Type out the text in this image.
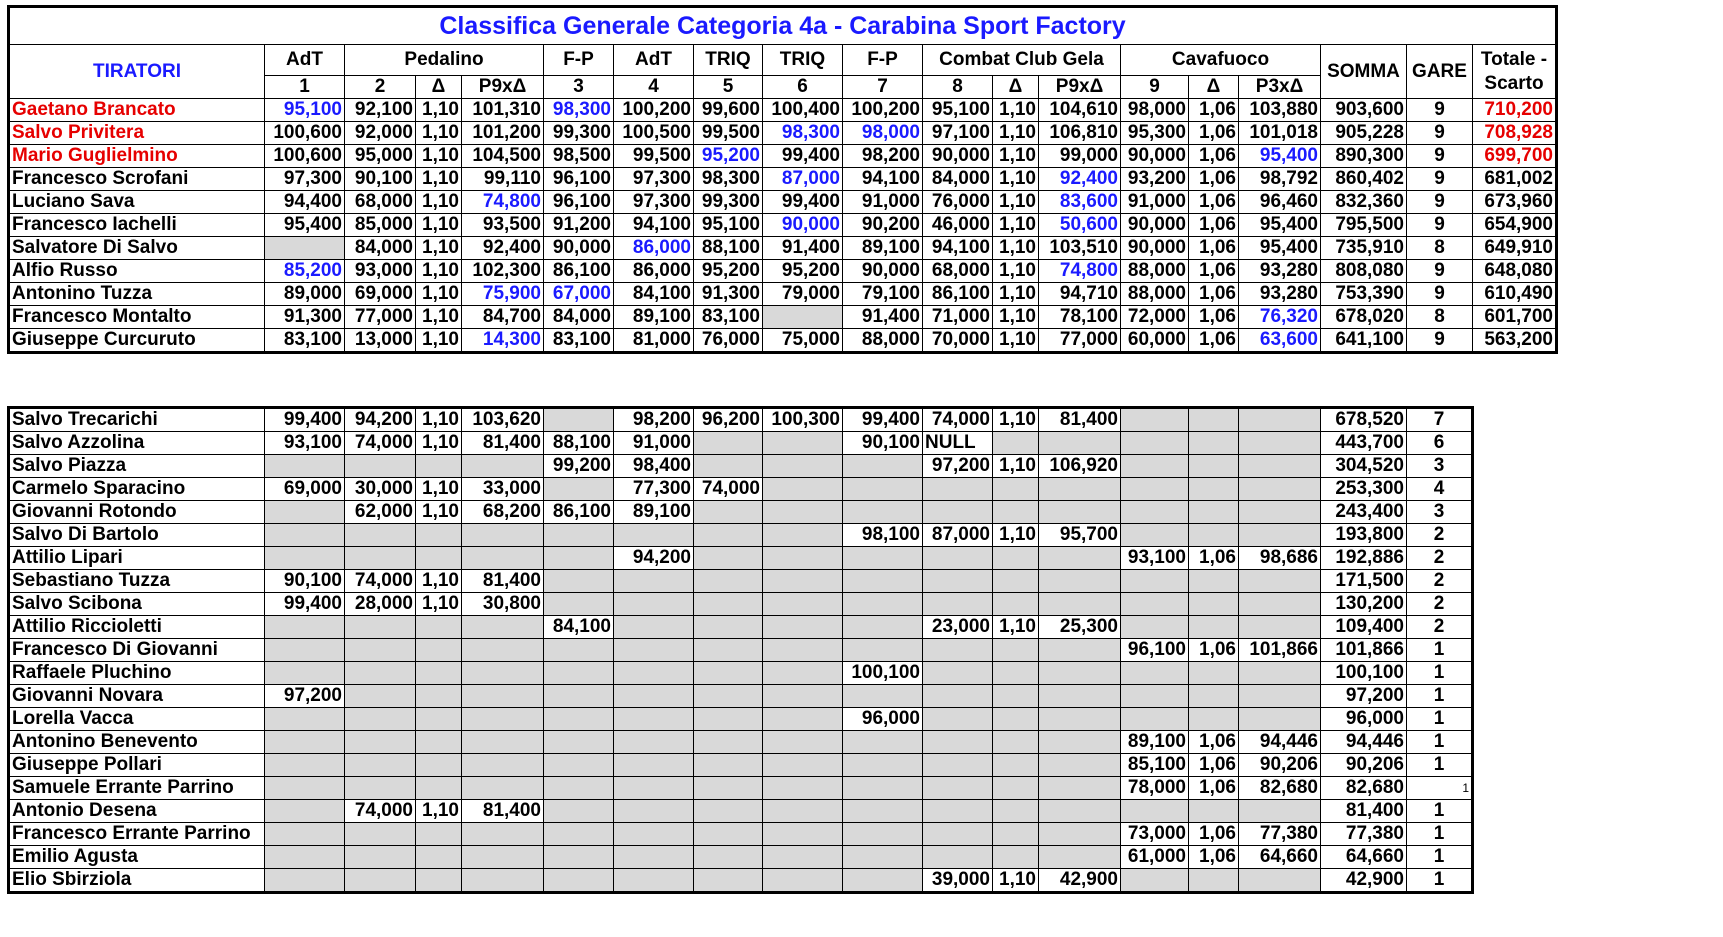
Classifica Generale Categoria 4a - Carabina Sport Factory																		
TIRATORI	AdT	Pedalino			F-P	AdT	TRIQ	TRIQ	F-P	Combat Club Gela			Cavafuoco			SOMMA	GARE	Totale -
Scarto
	1	2	Δ	P9xΔ	3	4	5	6	7	8	Δ	P9xΔ	9	Δ	P3xΔ			
Gaetano Brancato	95,100	92,100	1,10	101,310	98,300	100,200	99,600	100,400	100,200	95,100	1,10	104,610	98,000	1,06	103,880	903,600	9	710,200
Salvo Privitera	100,600	92,000	1,10	101,200	99,300	100,500	99,500	98,300	98,000	97,100	1,10	106,810	95,300	1,06	101,018	905,228	9	708,928
Mario Guglielmino	100,600	95,000	1,10	104,500	98,500	99,500	95,200	99,400	98,200	90,000	1,10	99,000	90,000	1,06	95,400	890,300	9	699,700
Francesco Scrofani	97,300	90,100	1,10	99,110	96,100	97,300	98,300	87,000	94,100	84,000	1,10	92,400	93,200	1,06	98,792	860,402	9	681,002
Luciano Sava	94,400	68,000	1,10	74,800	96,100	97,300	99,300	99,400	91,000	76,000	1,10	83,600	91,000	1,06	96,460	832,360	9	673,960
Francesco Iachelli	95,400	85,000	1,10	93,500	91,200	94,100	95,100	90,000	90,200	46,000	1,10	50,600	90,000	1,06	95,400	795,500	9	654,900
Salvatore Di Salvo		84,000	1,10	92,400	90,000	86,000	88,100	91,400	89,100	94,100	1,10	103,510	90,000	1,06	95,400	735,910	8	649,910
Alfio Russo	85,200	93,000	1,10	102,300	86,100	86,000	95,200	95,200	90,000	68,000	1,10	74,800	88,000	1,06	93,280	808,080	9	648,080
Antonino Tuzza	89,000	69,000	1,10	75,900	67,000	84,100	91,300	79,000	79,100	86,100	1,10	94,710	88,000	1,06	93,280	753,390	9	610,490
Francesco Montalto	91,300	77,000	1,10	84,700	84,000	89,100	83,100		91,400	71,000	1,10	78,100	72,000	1,06	76,320	678,020	8	601,700
Giuseppe Curcuruto	83,100	13,000	1,10	14,300	83,100	81,000	76,000	75,000	88,000	70,000	1,10	77,000	60,000	1,06	63,600	641,100	9	563,200
Salvo Trecarichi	99,400	94,200	1,10	103,620		98,200	96,200	100,300	99,400	74,000	1,10	81,400				678,520	7
Salvo Azzolina	93,100	74,000	1,10	81,400	88,100	91,000			90,100	NULL						443,700	6
Salvo Piazza					99,200	98,400				97,200	1,10	106,920				304,520	3
Carmelo Sparacino	69,000	30,000	1,10	33,000		77,300	74,000									253,300	4
Giovanni Rotondo		62,000	1,10	68,200	86,100	89,100										243,400	3
Salvo Di Bartolo									98,100	87,000	1,10	95,700				193,800	2
Attilio Lipari						94,200							93,100	1,06	98,686	192,886	2
Sebastiano Tuzza	90,100	74,000	1,10	81,400												171,500	2
Salvo Scibona	99,400	28,000	1,10	30,800												130,200	2
Attilio Riccioletti					84,100					23,000	1,10	25,300				109,400	2
Francesco Di Giovanni													96,100	1,06	101,866	101,866	1
Raffaele Pluchino									100,100							100,100	1
Giovanni Novara	97,200															97,200	1
Lorella Vacca									96,000							96,000	1
Antonino Benevento													89,100	1,06	94,446	94,446	1
Giuseppe Pollari													85,100	1,06	90,206	90,206	1
Samuele Errante Parrino													78,000	1,06	82,680	82,680	1
Antonio Desena		74,000	1,10	81,400												81,400	1
Francesco Errante Parrino													73,000	1,06	77,380	77,380	1
Emilio Agusta													61,000	1,06	64,660	64,660	1
Elio Sbirziola										39,000	1,10	42,900				42,900	1
